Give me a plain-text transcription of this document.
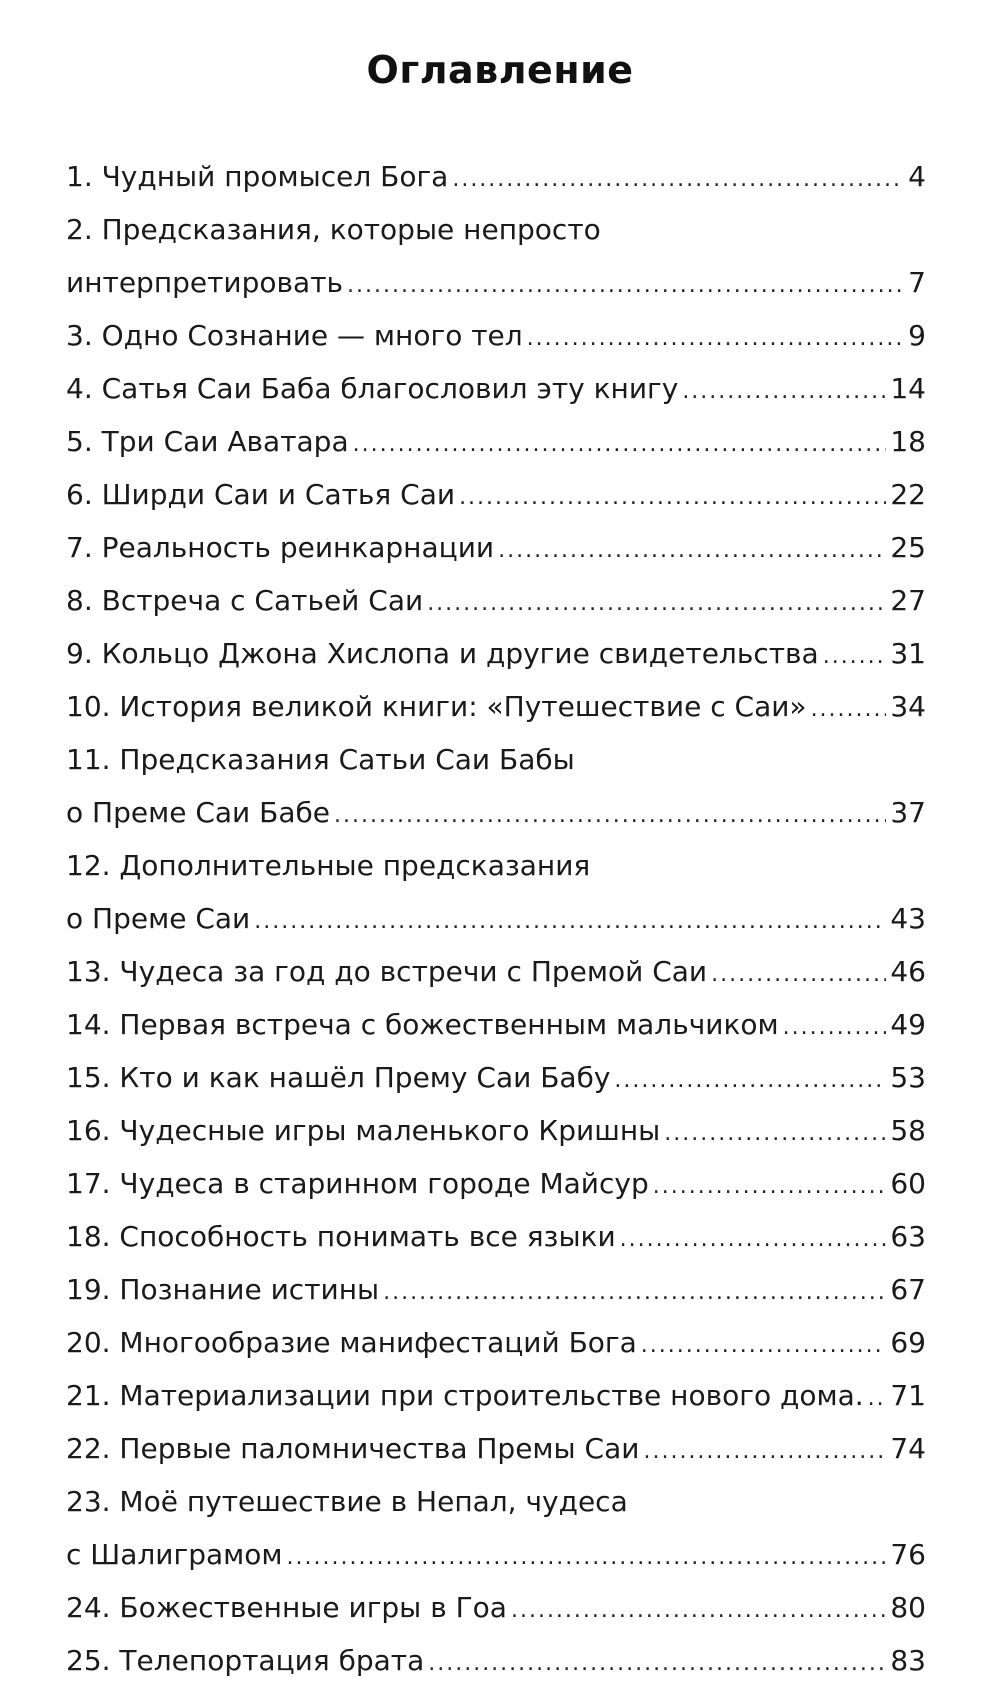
Оглавление
1. Чудный промысел Бога .....	4
2. Предсказания, которые непросто
интерпретировать .....	7
3. Одно Сознание — много тел .....	9
4. Сатья Саи Баба благословил эту книгу .....	14
5. Три Саи Аватара .....	18
6. Ширди Саи и Сатья Саи .....	22
7. Реальность реинкарнации .....	25
8. Встреча с Сатьей Саи .....	27
9. Кольцо Джона Хислопа и другие свидетельства .....	31
10. История великой книги: «Путешествие с Саи» .....	34
11. Предсказания Сатьи Саи Бабы
о Преме Саи Бабе .....	37
12. Дополнительные предсказания
о Преме Саи .....	43
13. Чудеса за год до встречи с Премой Саи .....	46
14. Первая встреча с божественным мальчиком .....	49
15. Кто и как нашёл Прему Саи Бабу .....	53
16. Чудесные игры маленького Кришны .....	58
17. Чудеса в старинном городе Майсур .....	60
18. Способность понимать все языки .....	63
19. Познание истины .....	67
20. Многообразие манифестаций Бога .....	69
21. Материализации при строительстве нового дома. ..... 71
22. Первые паломничества Премы Саи .....	74
23. Моё путешествие в Непал, чудеса
с Шалиграмом .....	76
24. Божественные игры в Гоа .....	80
25. Телепортация брата .....	83
